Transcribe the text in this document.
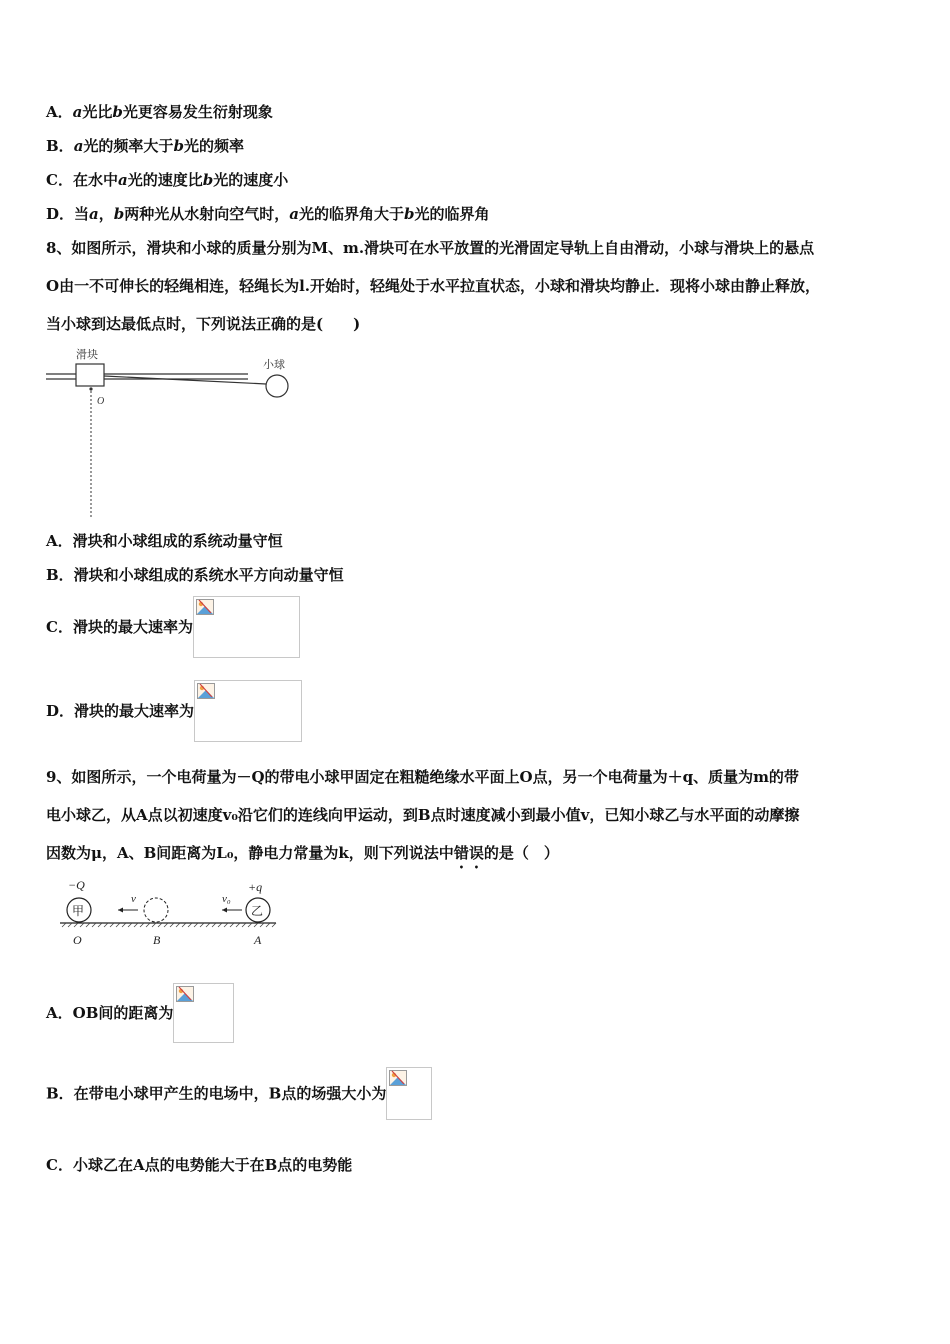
A．a光比b光更容易发生衍射现象
B．a光的频率大于b光的频率
C．在水中a光的速度比b光的速度小
D．当a，b两种光从水射向空气时，a光的临界角大于b光的临界角
8、如图所示，滑块和小球的质量分别为M、m.滑块可在水平放置的光滑固定导轨上自由滑动，小球与滑块上的悬点
O由一不可伸长的轻绳相连，轻绳长为l.开始时，轻绳处于水平拉直状态，小球和滑块均静止．现将小球由静止释放，
当小球到达最低点时，下列说法正确的是(　　)
滑块
小球
O
A．滑块和小球组成的系统动量守恒
B．滑块和小球组成的系统水平方向动量守恒
C．滑块的最大速率为
D．滑块的最大速率为
9、如图所示，一个电荷量为－Q的带电小球甲固定在粗糙绝缘水平面上O点，另一个电荷量为＋q、质量为m的带
电小球乙，从A点以初速度v₀沿它们的连线向甲运动，到B点时速度减小到最小值v，已知小球乙与水平面的动摩擦
因数为μ，A、B间距离为L₀，静电力常量为k，则下列说法中错误的是（　）
−Q	+q
甲
v
乙
v₀
O	B	A
A．OB间的距离为
B．在带电小球甲产生的电场中，B点的场强大小为
C．小球乙在A点的电势能大于在B点的电势能
